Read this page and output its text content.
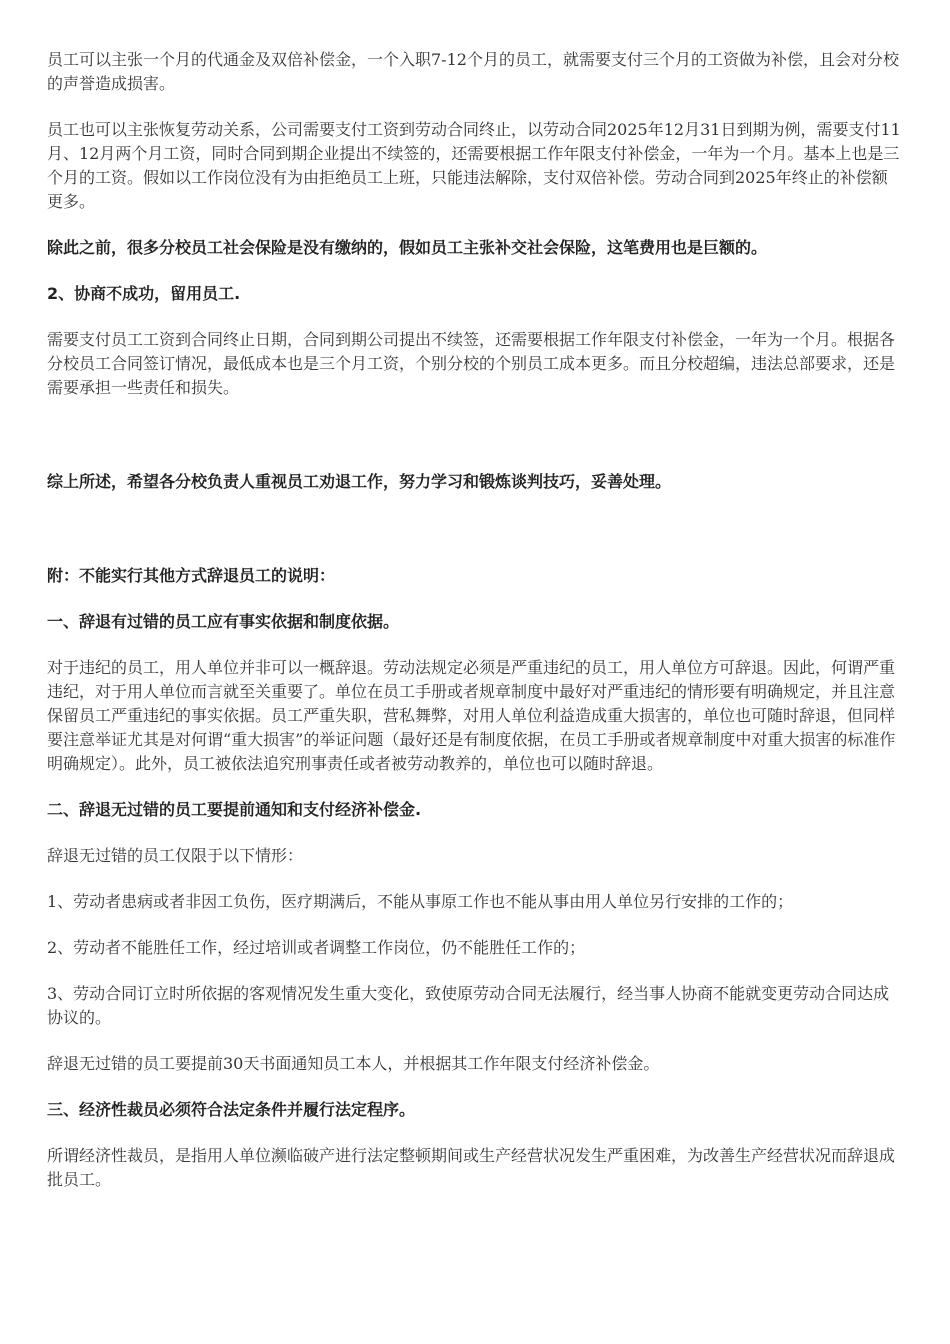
员工可以主张一个月的代通金及双倍补偿金，一个入职7-12个月的员工，就需要支付三个月的工资做为补偿，且会对分校的声誉造成损害。

员工也可以主张恢复劳动关系，公司需要支付工资到劳动合同终止，以劳动合同2025年12月31日到期为例，需要支付11月、12月两个月工资，同时合同到期企业提出不续签的，还需要根据工作年限支付补偿金，一年为一个月。基本上也是三个月的工资。假如以工作岗位没有为由拒绝员工上班，只能违法解除，支付双倍补偿。劳动合同到2025年终止的补偿额更多。

除此之前，很多分校员工社会保险是没有缴纳的，假如员工主张补交社会保险，这笔费用也是巨额的。

2、协商不成功，留用员工.

需要支付员工工资到合同终止日期，合同到期公司提出不续签，还需要根据工作年限支付补偿金，一年为一个月。根据各分校员工合同签订情况，最低成本也是三个月工资，个别分校的个别员工成本更多。而且分校超编，违法总部要求，还是需要承担一些责任和损失。

综上所述，希望各分校负责人重视员工劝退工作，努力学习和锻炼谈判技巧，妥善处理。

附：不能实行其他方式辞退员工的说明：

一、辞退有过错的员工应有事实依据和制度依据。

对于违纪的员工，用人单位并非可以一概辞退。劳动法规定必须是严重违纪的员工，用人单位方可辞退。因此，何谓严重违纪，对于用人单位而言就至关重要了。单位在员工手册或者规章制度中最好对严重违纪的情形要有明确规定，并且注意保留员工严重违纪的事实依据。员工严重失职，营私舞弊，对用人单位利益造成重大损害的，单位也可随时辞退，但同样要注意举证尤其是对何谓“重大损害”的举证问题（最好还是有制度依据，在员工手册或者规章制度中对重大损害的标准作明确规定）。此外，员工被依法追究刑事责任或者被劳动教养的，单位也可以随时辞退。

二、辞退无过错的员工要提前通知和支付经济补偿金.

辞退无过错的员工仅限于以下情形：

1、劳动者患病或者非因工负伤，医疗期满后，不能从事原工作也不能从事由用人单位另行安排的工作的；

2、劳动者不能胜任工作，经过培训或者调整工作岗位，仍不能胜任工作的；

3、劳动合同订立时所依据的客观情况发生重大变化，致使原劳动合同无法履行，经当事人协商不能就变更劳动合同达成协议的。

辞退无过错的员工要提前30天书面通知员工本人，并根据其工作年限支付经济补偿金。

三、经济性裁员必须符合法定条件并履行法定程序。

所谓经济性裁员，是指用人单位濒临破产进行法定整顿期间或生产经营状况发生严重困难，为改善生产经营状况而辞退成批员工。
